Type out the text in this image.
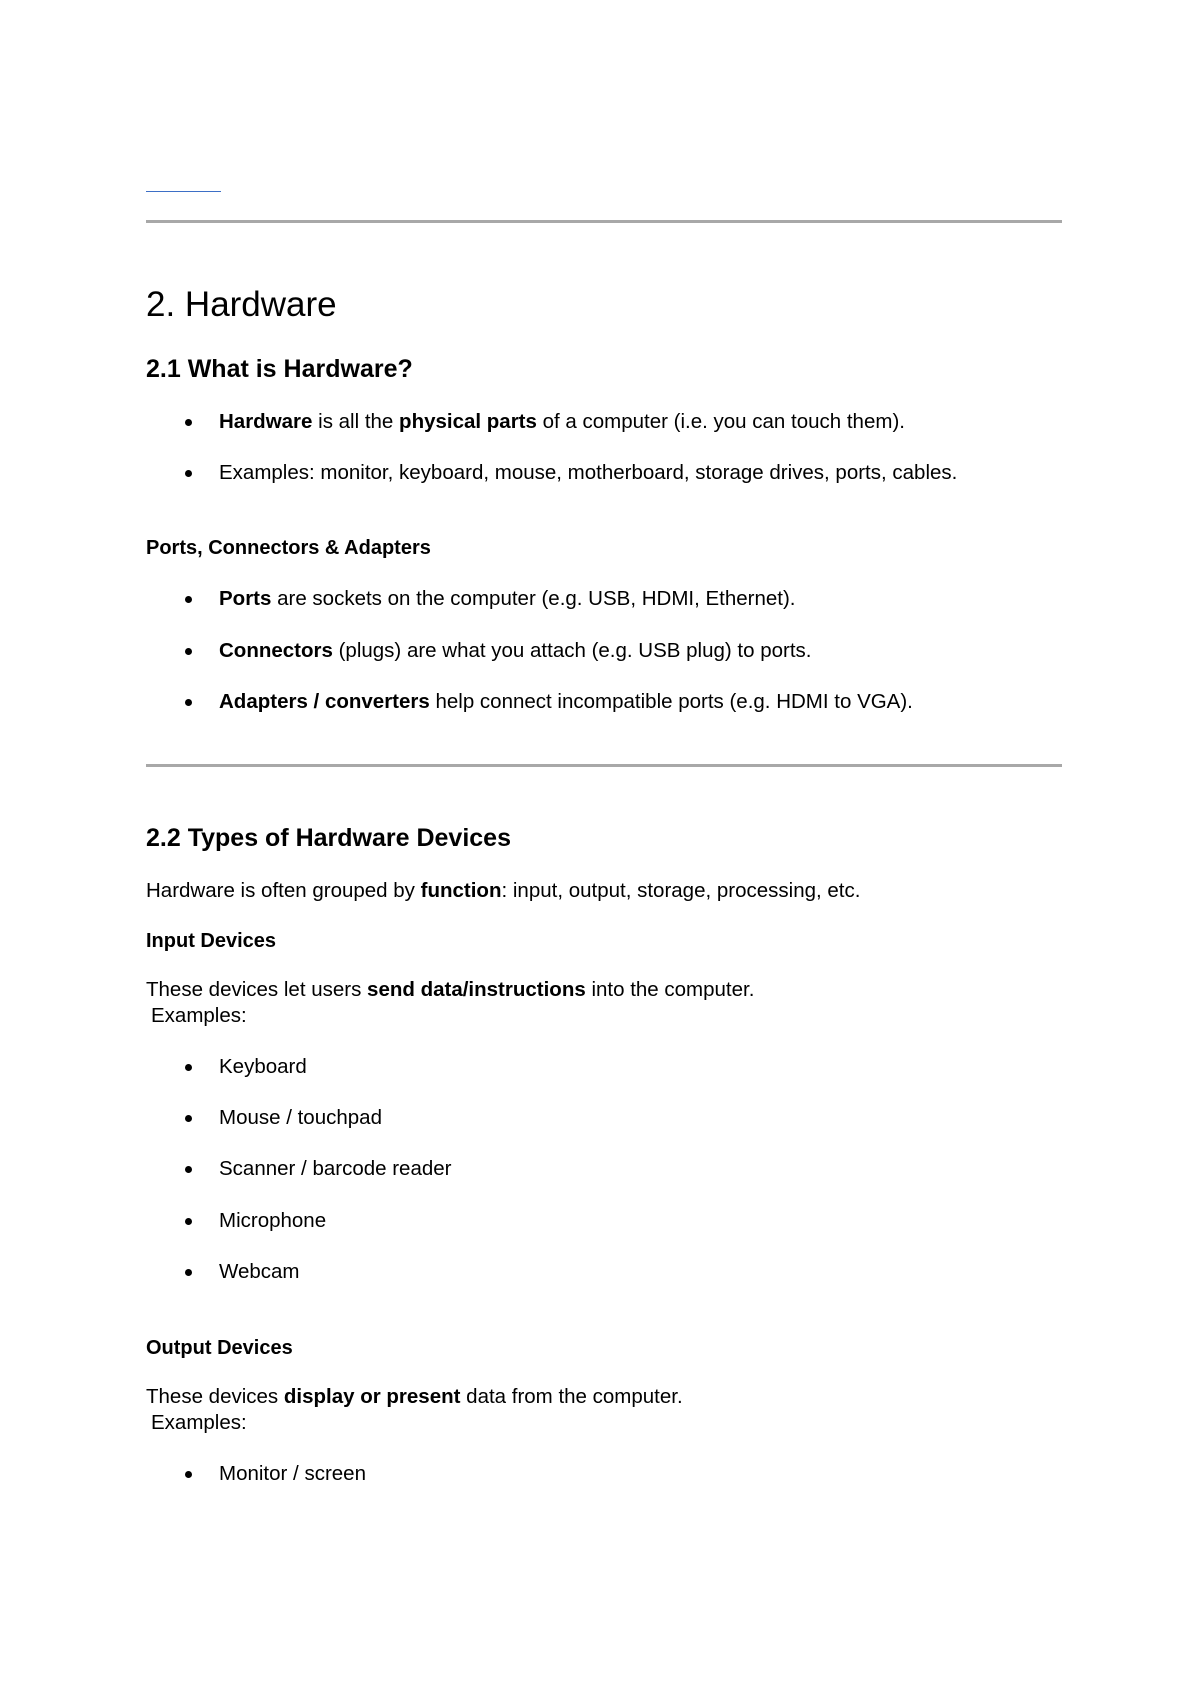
2. Hardware
2.1 What is Hardware?
Hardware is all the physical parts of a computer (i.e. you can touch them).
Examples: monitor, keyboard, mouse, motherboard, storage drives, ports, cables.
Ports, Connectors & Adapters
Ports are sockets on the computer (e.g. USB, HDMI, Ethernet).
Connectors (plugs) are what you attach (e.g. USB plug) to ports.
Adapters / converters help connect incompatible ports (e.g. HDMI to VGA).
2.2 Types of Hardware Devices

Hardware is often grouped by function: input, output, storage, processing, etc.

Input Devices

These devices let users send data/instructions into the computer.

Examples:

Keyboard
Mouse / touchpad
Scanner / barcode reader
Microphone
Webcam
Output Devices

These devices display or present data from the computer.

Examples:

Monitor / screen
